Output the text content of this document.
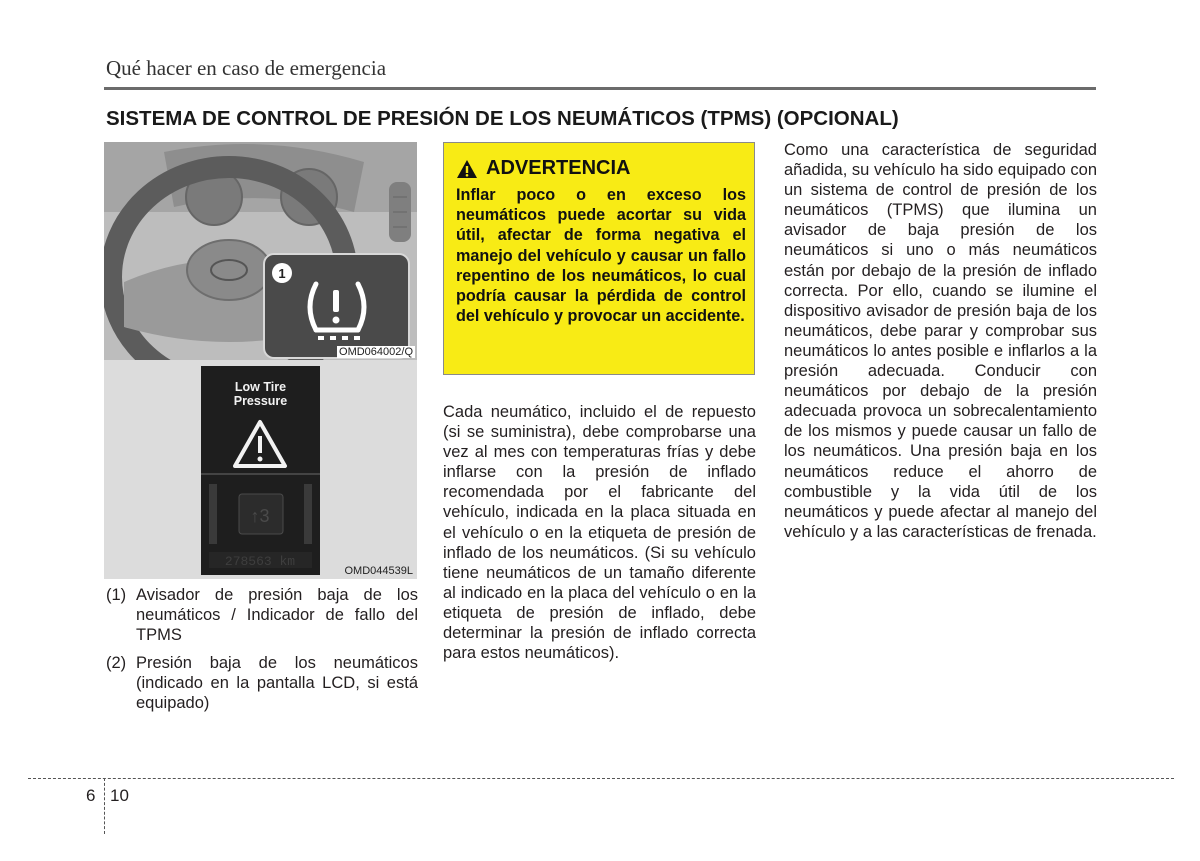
Qué hacer en caso de emergencia
SISTEMA DE CONTROL DE PRESIÓN DE LOS NEUMÁTICOS (TPMS) (OPCIONAL)
1
OMD064002/Q
Low Tire
Pressure
↑3
278563 km
OMD044539L
(1) Avisador de presión baja de los neumáticos / Indicador de fallo del TPMS
(2) Presión baja de los neumáticos (indicado en la pantalla LCD, si está equipado)
ADVERTENCIA
Inflar poco o en exceso los neumáticos puede acortar su vida útil, afectar de forma negativa el manejo del vehículo y causar un fallo repentino de los neumáticos, lo cual podría causar la pérdida de control del vehículo y provocar un accidente.
Cada neumático, incluido el de repuesto (si se suministra), debe comprobarse una vez al mes con temperaturas frías y debe inflarse con la presión de inflado recomendada por el fabricante del vehículo, indicada en la placa situada en el vehículo o en la etiqueta de presión de inflado de los neumáticos. (Si su vehículo tiene neumáticos de un tamaño diferente al indicado en la placa del vehículo o en la etiqueta de presión de inflado, debe determinar la presión de inflado correcta para estos neumáticos).
Como una característica de seguridad añadida, su vehículo ha sido equipado con un sistema de control de presión de los neumáticos (TPMS) que ilumina un avisador de baja presión de los neumáticos si uno o más neumáticos están por debajo de la presión de inflado correcta. Por ello, cuando se ilumine el dispositivo avisador de presión baja de los neumáticos, debe parar y comprobar sus neumáticos lo antes posible e inflarlos a la presión adecuada. Conducir con neumáticos por debajo de la presión adecuada provoca un sobrecalentamiento de los mismos y puede causar un fallo de los neumáticos. Una presión baja en los neumáticos reduce el ahorro de combustible y la vida útil de los neumáticos y puede afectar al manejo del vehículo y a las características de frenada.
6 10
